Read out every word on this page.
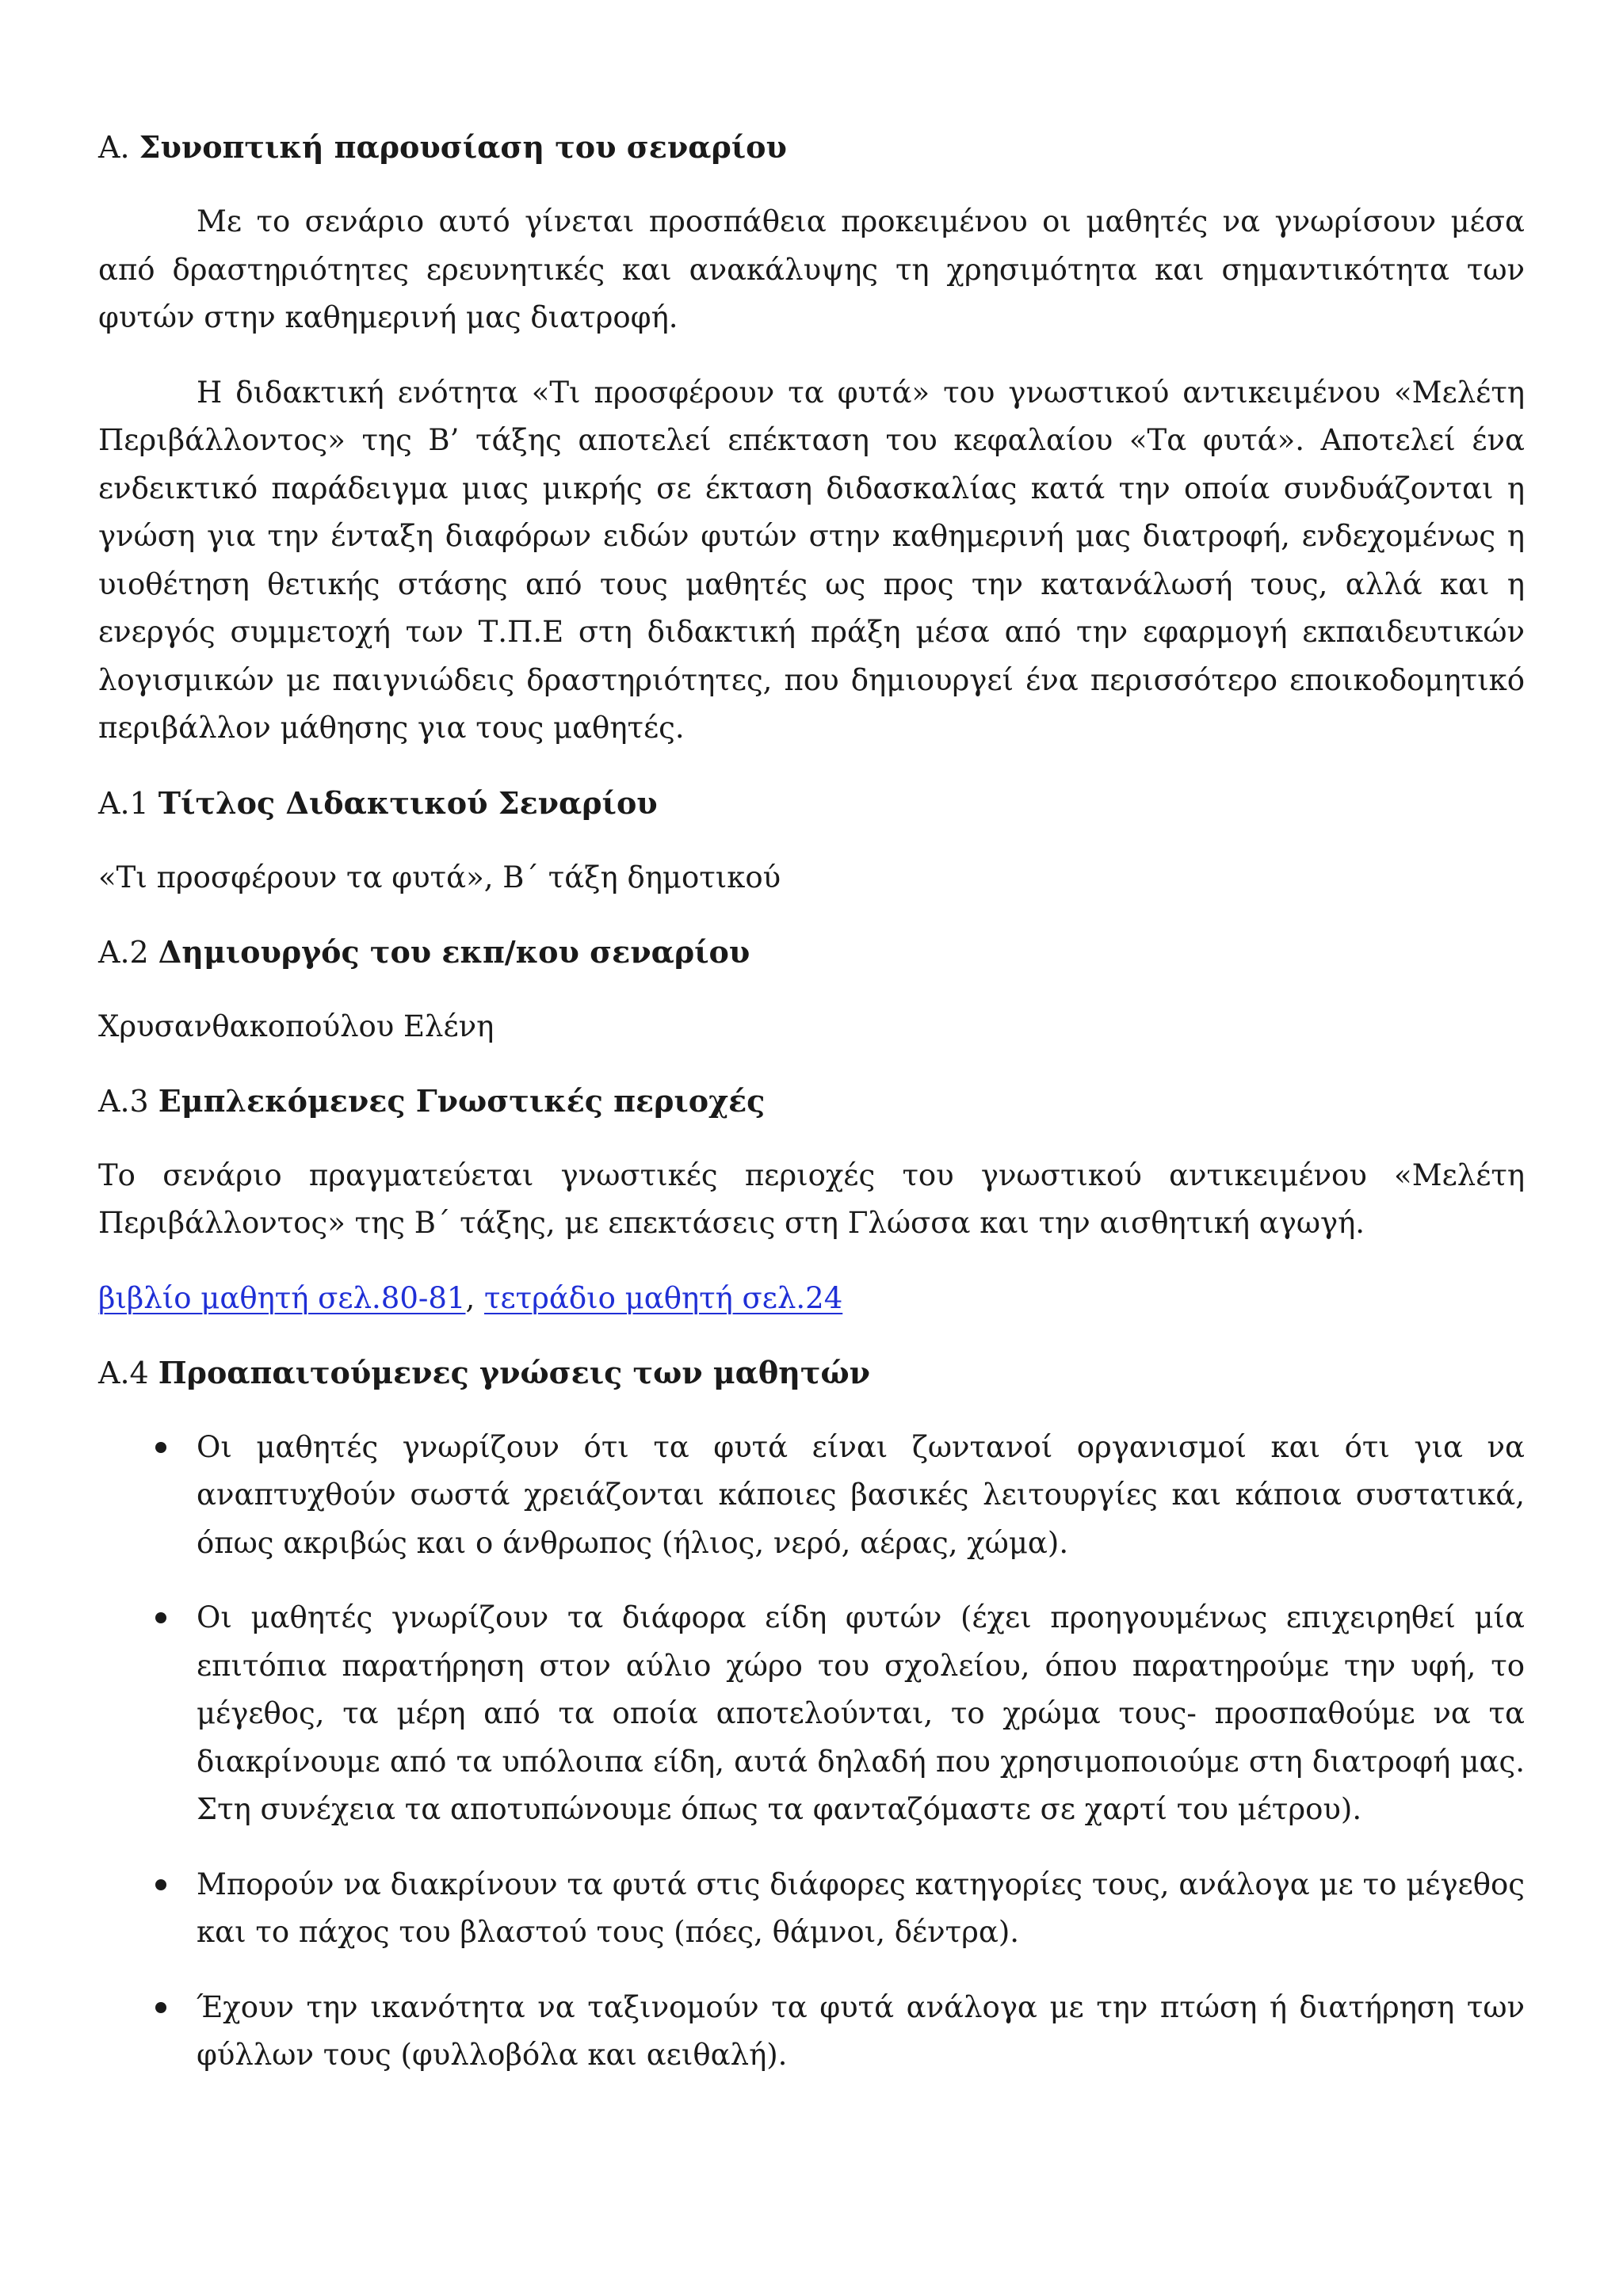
Α. Συνοπτική παρουσίαση του σεναρίου

Με το σενάριο αυτό γίνεται προσπάθεια προκειμένου οι μαθητές να γνωρίσουν μέσα από δραστηριότητες ερευνητικές και ανακάλυψης τη χρησιμότητα και σημαντικότητα των φυτών στην καθημερινή μας διατροφή.

Η διδακτική ενότητα «Τι προσφέρουν τα φυτά» του γνωστικού αντικειμένου «Μελέτη Περιβάλλοντος» της Β’ τάξης αποτελεί επέκταση του κεφαλαίου «Τα φυτά». Αποτελεί ένα ενδεικτικό παράδειγμα μιας μικρής σε έκταση διδασκαλίας κατά την οποία συνδυάζονται η γνώση για την ένταξη διαφόρων ειδών φυτών στην καθημερινή μας διατροφή, ενδεχομένως η υιοθέτηση θετικής στάσης από τους μαθητές ως προς την κατανάλωσή τους, αλλά και η ενεργός συμμετοχή των Τ.Π.Ε στη διδακτική πράξη μέσα από την εφαρμογή εκπαιδευτικών λογισμικών με παιγνιώδεις δραστηριότητες, που δημιουργεί ένα περισσότερο εποικοδομητικό περιβάλλον μάθησης για τους μαθητές.

Α.1 Τίτλος Διδακτικού Σεναρίου
«Τι προσφέρουν τα φυτά», Β΄ τάξη δημοτικού
Α.2 Δημιουργός του εκπ/κου σεναρίου
Χρυσανθακοπούλου Ελένη
Α.3 Εμπλεκόμενες Γνωστικές περιοχές

Το σενάριο πραγματεύεται γνωστικές περιοχές του γνωστικού αντικειμένου «Μελέτη Περιβάλλοντος» της Β΄ τάξης, με επεκτάσεις στη Γλώσσα και την αισθητική αγωγή.

βιβλίο μαθητή σελ.80-81, τετράδιο μαθητή σελ.24
Α.4 Προαπαιτούμενες γνώσεις των μαθητών
Οι μαθητές γνωρίζουν ότι τα φυτά είναι ζωντανοί οργανισμοί και ότι για να αναπτυχθούν σωστά χρειάζονται κάποιες βασικές λειτουργίες και κάποια συστατικά, όπως ακριβώς και ο άνθρωπος (ήλιος, νερό, αέρας, χώμα).
Οι μαθητές γνωρίζουν τα διάφορα είδη φυτών (έχει προηγουμένως επιχειρηθεί μία επιτόπια παρατήρηση στον αύλιο χώρο του σχολείου, όπου παρατηρούμε την υφή, το μέγεθος, τα μέρη από τα οποία αποτελούνται, το χρώμα τους- προσπαθούμε να τα διακρίνουμε από τα υπόλοιπα είδη, αυτά δηλαδή που χρησιμοποιούμε στη διατροφή μας. Στη συνέχεια τα αποτυπώνουμε όπως τα φανταζόμαστε σε χαρτί του μέτρου).
Μπορούν να διακρίνουν τα φυτά στις διάφορες κατηγορίες τους, ανάλογα με το μέγεθος και το πάχος του βλαστού τους (πόες, θάμνοι, δέντρα).
Έχουν την ικανότητα να ταξινομούν τα φυτά ανάλογα με την πτώση ή διατήρηση των φύλλων τους (φυλλοβόλα και αειθαλή).
